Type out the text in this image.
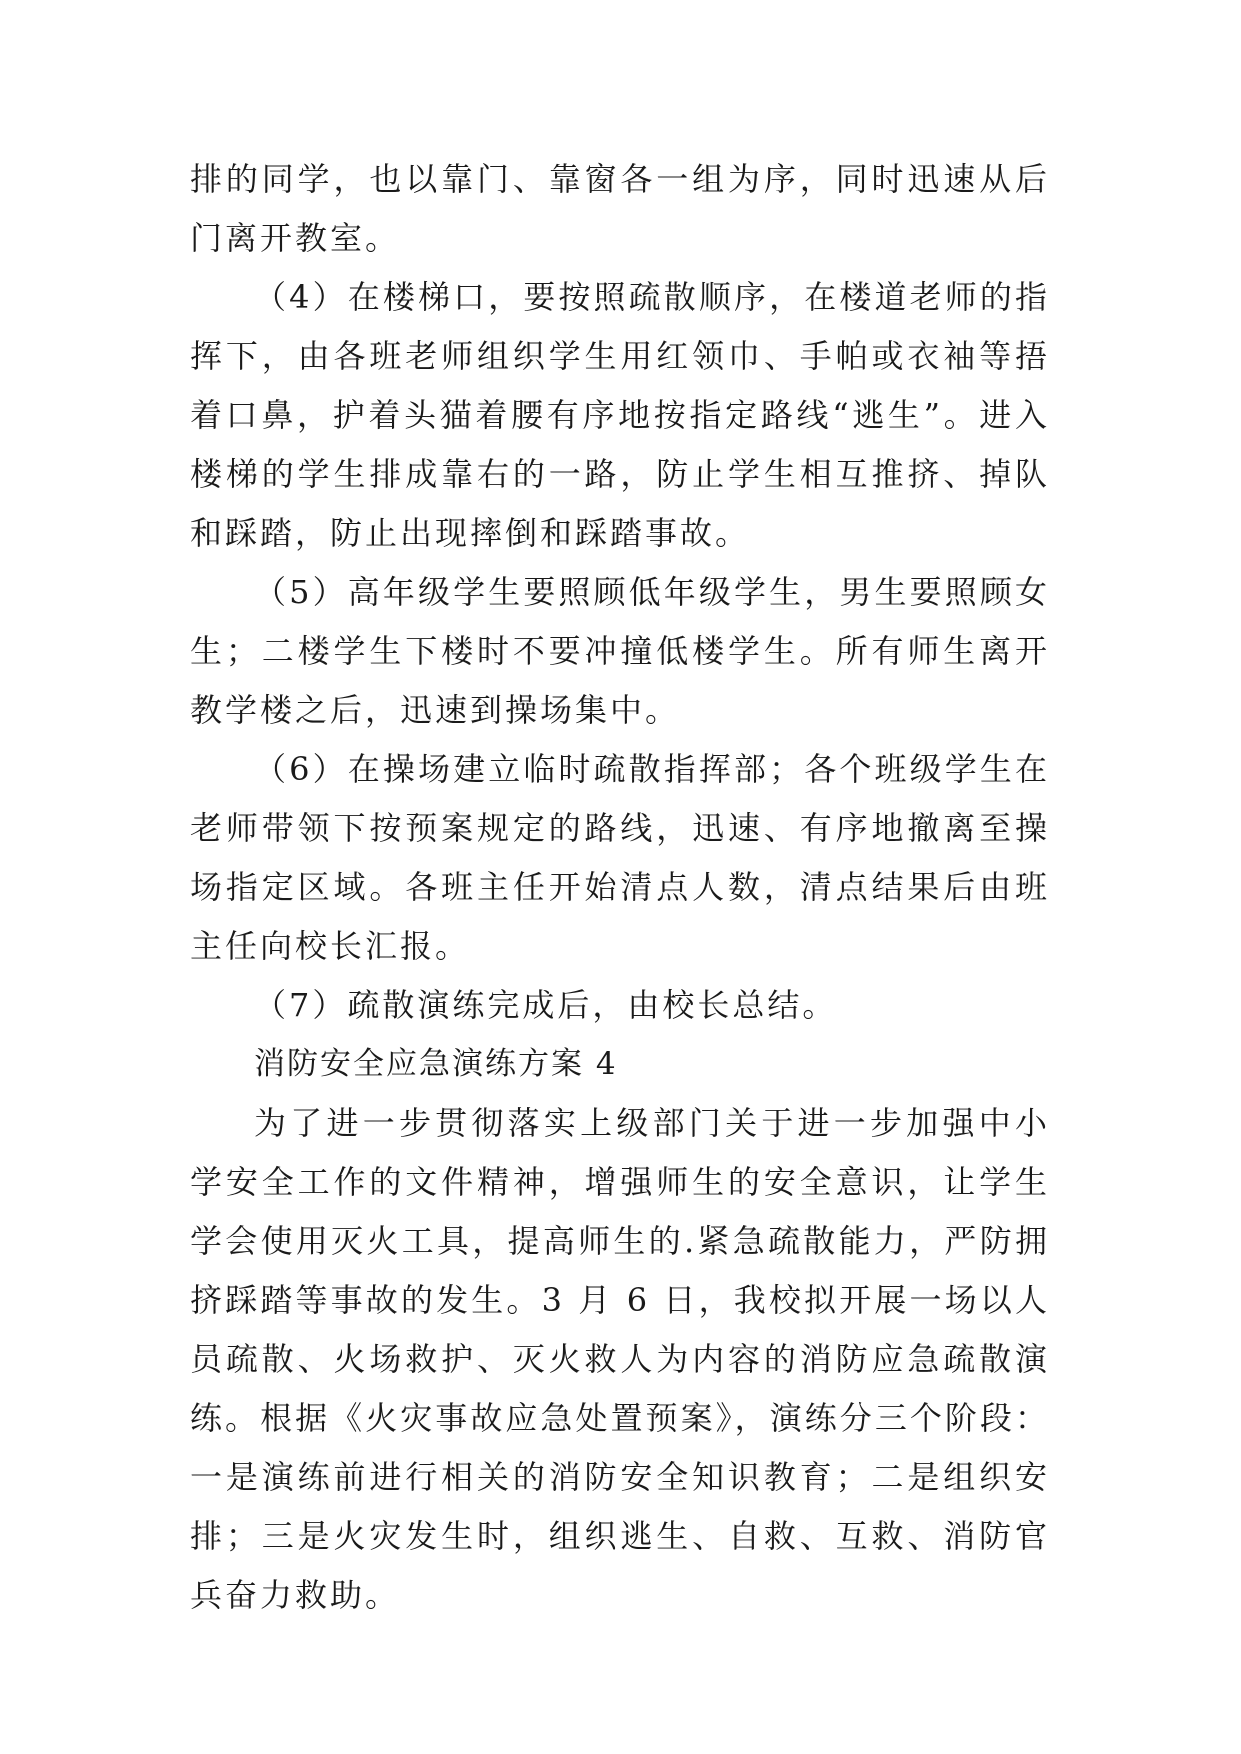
排的同学，也以靠门、靠窗各一组为序，同时迅速从后门离开教室。

（4）在楼梯口，要按照疏散顺序，在楼道老师的指挥下，由各班老师组织学生用红领巾、手帕或衣袖等捂着口鼻，护着头猫着腰有序地按指定路线“逃生”。进入楼梯的学生排成靠右的一路，防止学生相互推挤、掉队和踩踏，防止出现摔倒和踩踏事故。

（5）高年级学生要照顾低年级学生，男生要照顾女生；二楼学生下楼时不要冲撞低楼学生。所有师生离开教学楼之后，迅速到操场集中。

（6）在操场建立临时疏散指挥部；各个班级学生在老师带领下按预案规定的路线，迅速、有序地撤离至操场指定区域。各班主任开始清点人数，清点结果后由班主任向校长汇报。

（7）疏散演练完成后，由校长总结。

消防安全应急演练方案 4

为了进一步贯彻落实上级部门关于进一步加强中小学安全工作的文件精神，增强师生的安全意识，让学生学会使用灭火工具，提高师生的.紧急疏散能力，严防拥挤踩踏等事故的发生。3 月 6 日，我校拟开展一场以人员疏散、火场救护、灭火救人为内容的消防应急疏散演练。根据《火灾事故应急处置预案》，演练分三个阶段：一是演练前进行相关的消防安全知识教育；二是组织安排；三是火灾发生时，组织逃生、自救、互救、消防官兵奋力救助。
